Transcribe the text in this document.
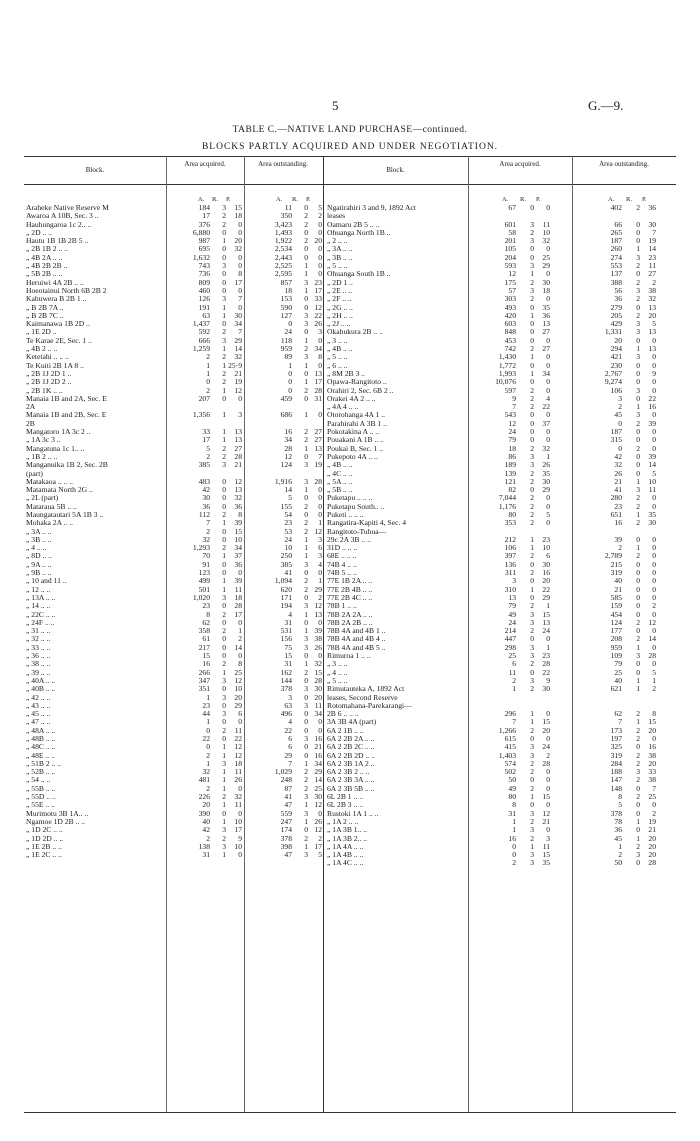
5	G.—9.
TABLE C.—NATIVE LAND PURCHASE—continued.
BLOCKS PARTLY ACQUIRED AND UNDER NEGOTIATION.
Block.
Area acquired.	Area outstanding.
Block.
Area acquired.	Area outstanding.
A. R. P.	A. R. P.	A. R. P.	A. R. P.
Araheke Native Reserve M	184 3 15	11 0 5
Awaroa A 10B, Sec. 3 ..	17 2 18	350 2 2
Hauhungaroa 1c 2.. ..	376 2 0	3,423 2 0
„ 2D .. ..	6,880 0 0	1,493 0 0
Hautu 1B 1B 2B 5 ..	987 1 20	1,922 2 20
„ 2B 1B 2 .. ..	695 0 32	2,534 0 0
„ 4B 2A .. ..	1,632 0 0	2,443 0 0
„ 4B 2B 2B ..	743 3 0	2,525 1 0
„ 5B 2B .. ..	736 0 8	2,595 1 0
Heruiwi 4A 2B .. ..	809 0 17	857 3 23
Hoeotainui North 6B 2B 2	460 0 0	18 1 17
Kahuwera B 2B 1 ..	126 3 7	153 0 33
„ B 2B 7A ..	191 1 0	590 0 12
„ B 2B 7C ..	63 1 30	127 3 22
Kaimanawa 1B 2D ..	1,437 0 34	0 3 26
„ 1E 2D ..	592 2 7	24 0 3
Te Karae 2E, Sec. 1 ..	666 3 29	118 1 0
„ 4B 2 .. ..	1,259 1 14	959 2 34
Ketetahi .. .. ..	2 2 32	89 3 8
Te Kuiti 2B 1A 8 ..	1 1 25·9	1 1 0
„ 2B 1J 2D 1 ..	1 2 21	0 0 13
„ 2B 1J 2D 2 ..	0 2 19	0 1 17
„ 2B 1K .. ..	2 1 12	0 2 28
Manaia 1B and 2A, Sec. E	207 0 0	459 0 31
2A
Manaia 1B and 2B, Sec. E	1,356 1 3	686 1 0
2B
Mangatoro 1A 3c 2 ..	33 1 13	16 2 27
„ 1A 3c 3 ..	17 1 13	34 2 27
Mangatuna 1c 1.. ..	5 2 27	28 1 13
„ 1B 2 .. ..	2 2 28	12 0 7
Manganuika 1B 2, Sec. 2B	385 3 21	124 3 19
(part)
Matakaoa .. .. ..	483 0 12	1,916 3 28
Matamata North 2G ..	42 0 13	14 1 0
„ 2L (part)	30 0 32	5 0 0
Mataraua 5B .. ..	36 0 36	155 2 0
Maungatautari 5A 1B 3 ..	112 2 8	54 0 0
Mohaka 2A .. ..	7 1 39	23 2 1
„ 3A .. ..	2 0 15	53 2 12
„ 3B .. ..	32 0 10	24 1 3
„ 4 .. ..	1,293 2 34	10 1 6
„ 8D .. ..	70 1 37	250 1 3
„ 9A .. ..	91 0 36	385 3 4
„ 9B .. ..	123 0 0	41 0 0
„ 10 and 11 ..	499 1 39	1,094 2 1
„ 12 .. ..	501 1 11	620 2 29
„ 13A .. ..	1,020 3 18	171 0 2
„ 14 .. ..	23 0 28	194 3 12
„ 22C .. ..	8 2 17	4 1 13
„ 24F .. ..	62 0 0	31 0 0
„ 31 .. ..	358 2 1	531 1 39
„ 32 .. ..	61 0 2	156 3 38
„ 33 .. ..	217 0 14	75 3 26
„ 36 .. ..	15 0 0	15 0 0
„ 38 .. ..	16 2 8	31 1 32
„ 39 .. ..	266 1 25	162 2 15
„ 40A .. ..	347 3 12	144 0 28
„ 40B .. ..	351 0 10	378 3 30
„ 42 .. ..	1 3 20	3 0 20
„ 43 .. ..	23 0 29	63 3 11
„ 45 .. ..	44 3 6	496 0 34
„ 47 .. ..	1 0 0	4 0 0
„ 48A .. ..	0 2 11	22 0 0
„ 48B .. ..	22 0 22	6 3 16
„ 48C .. ..	0 1 12	6 0 21
„ 48E .. ..	2 1 12	29 0 16
„ 51B 2 .. ..	1 3 18	7 1 34
„ 52B .. ..	32 1 11	1,029 2 29
„ 54 .. ..	481 1 26	248 2 14
„ 55B .. ..	2 1 0	87 2 25
„ 55D .. ..	226 2 32	41 3 30
„ 55E .. ..	20 1 11	47 1 12
Murimotu 3B 1A.. ..	390 0 0	559 3 0
Ngamoe 1D 2B .. ..	40 1 10	247 1 26
„ 1D 2C .. ..	42 3 17	174 0 12
„ 1D 2D .. ..	2 2 9	378 2 2
„ 1E 2B .. ..	138 3 10	398 1 17
„ 1E 2C .. ..	31 1 0	47 3 5
Ngatirahiri 3 and 9, 1892 Act	67 0 0	402 2 36
leases
Oamaru 2B 5 .. ..	601 3 11	66 0 30
Ohuanga North 1B ..	58 2 10	265 0 7
„ 2 .. ..	201 3 32	187 0 19
„ 3A .. ..	105 0 0	260 1 14
„ 3B .. ..	204 0 25	274 3 23
„ 5 .. ..	593 3 29	553 2 11
Ohuanga South 1B ..	12 1 0	137 0 27
„ 2D 1 ..	175 2 30	388 2 2
„ 2E .. ..	57 3 18	56 3 38
„ 2F .. ..	303 2 0	36 2 32
„ 2G .. ..	493 0 35	279 0 13
„ 2H .. ..	420 1 36	205 2 20
„ 2J .. ..	603 0 13	429 3 5
Okahukura 2B .. ..	848 0 27	1,331 3 13
„ 3 .. ..	453 0 0	20 0 0
„ 4B .. ..	742 2 27	294 1 13
„ 5 .. ..	1,430 1 0	421 3 0
„ 6 .. ..	1,772 0 0	230 0 0
„ 8M 2B 3 ..	1,993 1 34	2,767 0 9
Opawa-Rangitoto ..	10,076 0 0	9,274 0 0
Orahiri 2, Sec. 6B 2 ..	597 2 0	106 3 0
Orakei 4A 2 .. ..	9 2 4	3 0 22
„ 4A 4 .. ..	7 2 22	2 1 16
Otorohanga 4A 1 ..	543 0 0	45 3 0
Parahirahi A 3B 1 ..	12 0 37	0 2 39
Pokotakina A .. ..	24 0 0	187 0 0
Pouakani A 1B .. ..	79 0 0	315 0 0
Poukai B, Sec. 1 ..	18 2 32	0 2 0
Pukepoto 4A .. ..	86 3 1	42 0 39
„ 4B .. ..	189 3 26	32 0 14
„ 4C .. ..	139 2 35	26 0 5
„ 5A .. ..	121 2 30	21 1 10
„ 5B .. ..	82 0 29	41 3 11
Puketapu .. .. ..	7,044 2 0	280 2 0
Puketapu South.. ..	1,176 2 0	23 2 0
Puketi .. .. ..	80 2 5	651 1 35
Rangatira-Kapiti 4, Sec. 4	353 2 0	16 2 30
Rangitoto-Tuhua—
29c 2A 3B .. ..	212 1 23	39 0 0
31D .. .. ..	106 1 10	2 1 0
68E .. .. ..	397 2 6	2,789 2 0
74B 4 .. ..	136 0 30	215 0 0
74B 5 .. ..	311 2 16	319 0 0
77E 1B 2A .. ..	3 0 20	40 0 0
77E 2B 4B .. ..	310 1 22	21 0 0
77E 2B 4C .. ..	13 0 29	585 0 0
78B 1 .. ..	79 2 1	159 0 2
78B 2A 2A .. ..	49 3 15	454 0 0
78B 2A 2B .. ..	24 3 13	124 2 12
78B 4A and 4B 1 ..	214 2 24	177 0 0
78B 4A and 4B 4 ..	447 0 0	208 2 14
78B 4A and 4B 5 ..	298 3 1	959 1 0
Rimuroa 1 .. ..	25 3 23	109 3 28
„ 3 .. ..	6 2 28	79 0 0
„ 4 .. ..	11 0 22	25 0 5
„ 5 .. ..	2 3 9	40 1 1
Rimutauteka A, 1892 Act	1 2 30	621 1 2
leases, Second Reserve
Rotomahana-Parekarangi—
2B 6 .. .. ..	296 1 0	62 2 8
3A 3B 4A (part)	7 1 15	7 1 15
6A 2 1B .. ..	1,266 2 20	173 2 20
6A 2 2B 2A .. ..	615 0 0	197 2 0
6A 2 2B 2C .. ..	415 3 24	325 0 16
6A 2 2B 2D .. ..	1,403 3 2	319 2 38
6A 2 3B 1A 2 ..	574 2 28	284 2 20
6A 2 3B 2 .. ..	502 2 0	188 3 33
6A 2 3B 3A .. ..	50 0 0	147 2 38
6A 2 3B 5B .. ..	49 2 0	148 0 7
6L 2B 1 .. ..	80 1 15	8 2 25
6L 2B 3 .. ..	8 0 0	5 0 0
Rustoki 1A 1 .. ..	31 3 12	378 0 2
„ 1A 2 .. ..	1 2 21	78 1 19
„ 1A 3B 1.. ..	1 3 0	36 0 21
„ 1A 3B 2.. ..	16 2 3	45 1 20
„ 1A 4A .. ..	0 1 11	1 2 20
„ 1A 4B .. ..	0 3 15	2 3 20
„ 1A 4C .. ..	2 3 35	50 0 28
